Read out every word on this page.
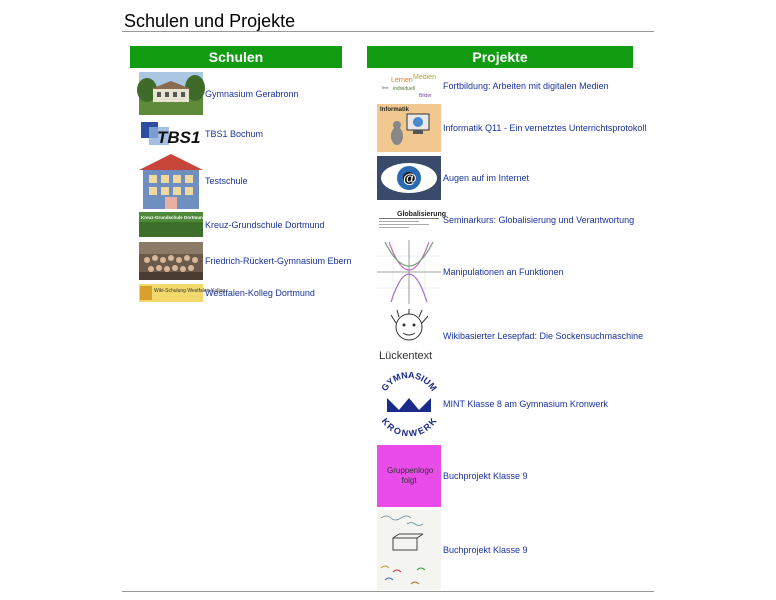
Schulen und Projekte
Schulen	Projekte
Gymnasium Gerabronn
TBS1 TBS1 Bochum
Testschule
Kreuz-Grundschule Dortmund
Kreuz-Grundschule Dortmund
Friedrich-Rückert-Gymnasium Ebern
Wiki-Schulung Westfalen-Kolleg
Westfalen-Kolleg Dortmund
Lernen Medien
Text individuell
Bilder
Fortbildung: Arbeiten mit digitalen Medien
Informatik
Informatik Q11 - Ein vernetztes Unterrichtsprotokoll
@	Augen auf im Internet
Globalisierung
Seminarkurs: Globalisierung und Verantwortung
Manipulationen an Funktionen
Lückentext
Wikibasierter Lesepfad: Die Sockensuchmaschine
GYMNASIUM
KRONWERK
MINT Klasse 8 am Gymnasium Kronwerk
Gruppenlogo folgt	Buchprojekt Klasse 9
Buchprojekt Klasse 9
